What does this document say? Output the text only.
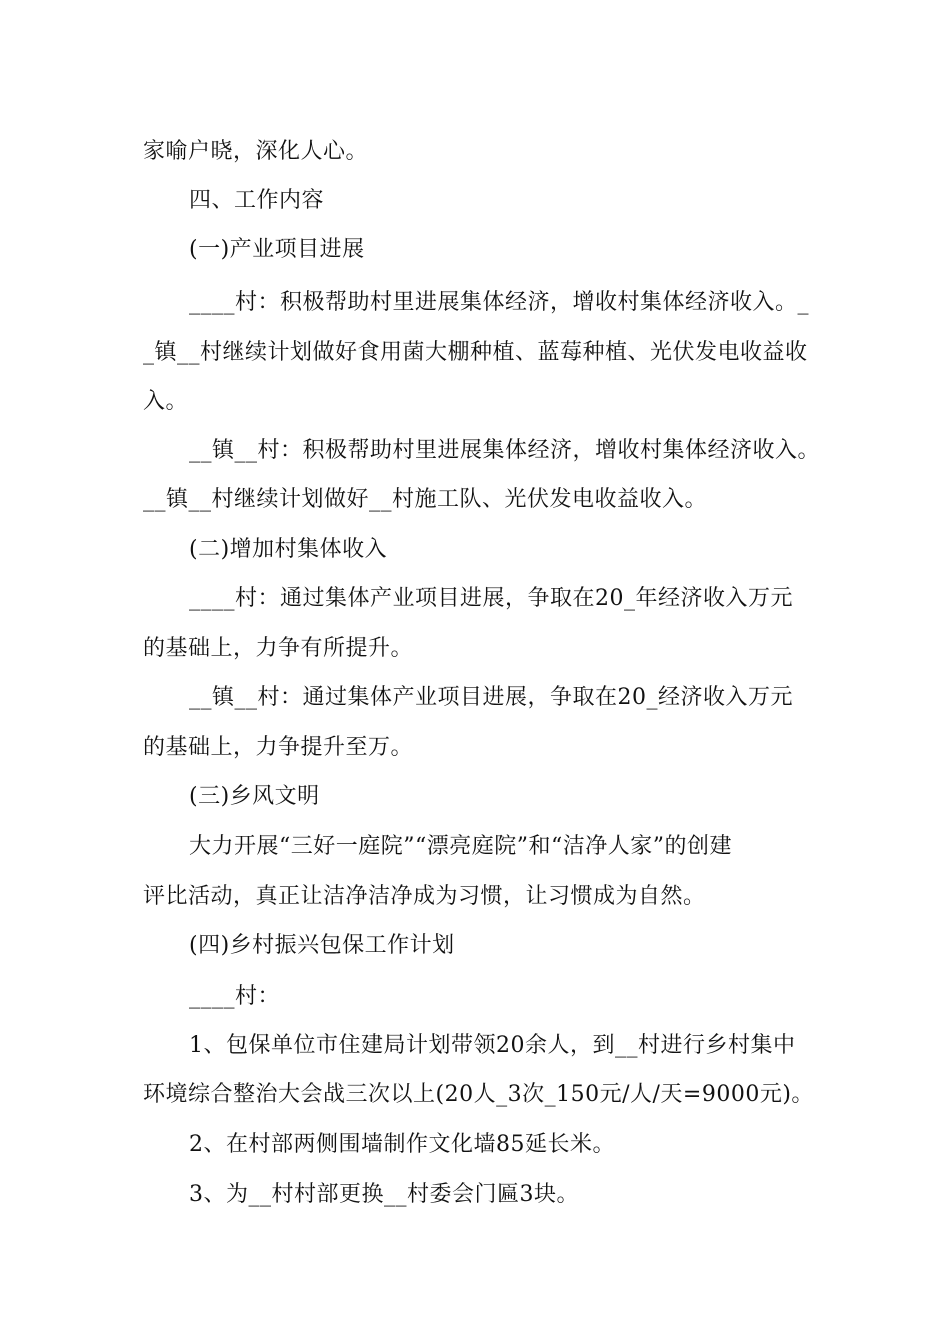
家喻户晓，深化人心。
四、工作内容
(一)产业项目进展
____村：积极帮助村里进展集体经济，增收村集体经济收入。_
_镇__村继续计划做好食用菌大棚种植、蓝莓种植、光伏发电收益收
入。
__镇__村：积极帮助村里进展集体经济，增收村集体经济收入。
__镇__村继续计划做好__村施工队、光伏发电收益收入。
(二)增加村集体收入
____村：通过集体产业项目进展，争取在20_年经济收入万元
的基础上，力争有所提升。
__镇__村：通过集体产业项目进展，争取在20_经济收入万元
的基础上，力争提升至万。
(三)乡风文明
大力开展“三好一庭院”“漂亮庭院”和“洁净人家”的创建
评比活动，真正让洁净洁净成为习惯，让习惯成为自然。
(四)乡村振兴包保工作计划
____村：
1、包保单位市住建局计划带领20余人，到__村进行乡村集中
环境综合整治大会战三次以上(20人_3次_150元/人/天=9000元)。
2、在村部两侧围墙制作文化墙85延长米。
3、为__村村部更换__村委会门匾3块。
